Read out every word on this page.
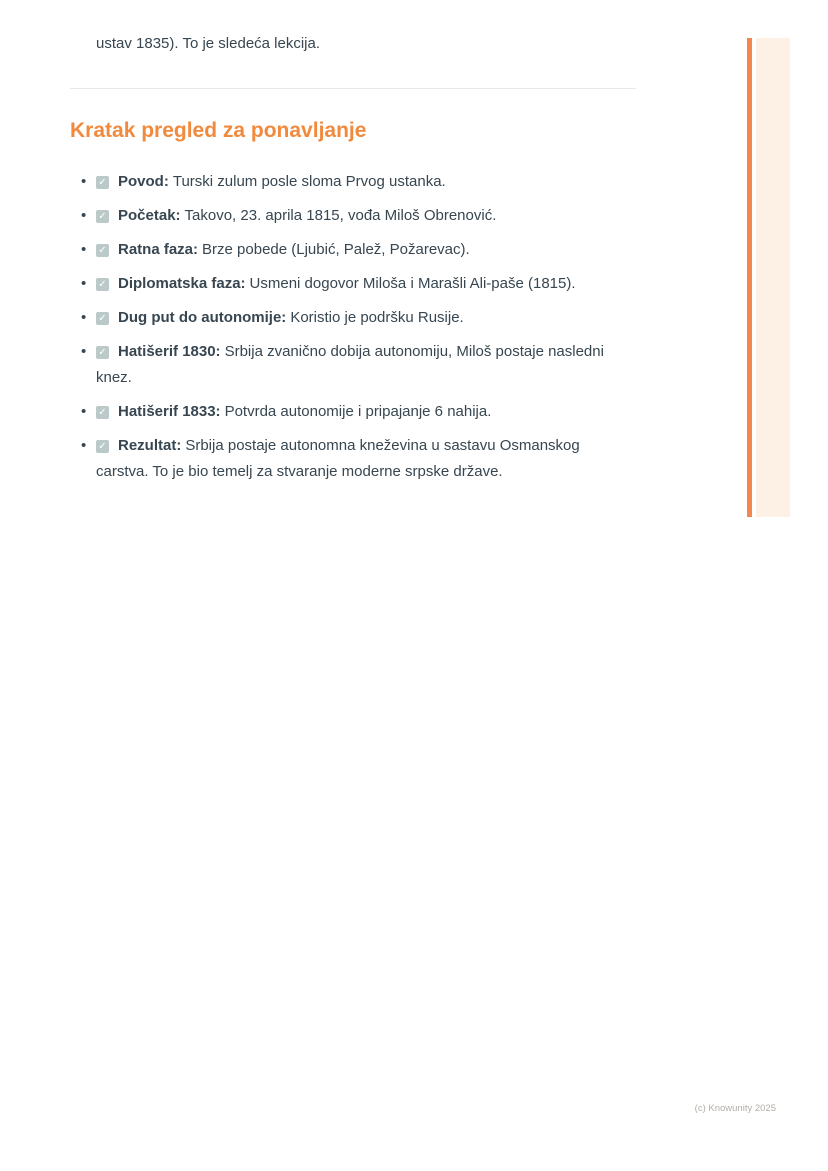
ustav 1835). To je sledeća lekcija.

Kratak pregled za ponavljanje
• ✓ Povod: Turski zulum posle sloma Prvog ustanka.
• ✓ Početak: Takovo, 23. aprila 1815, vođa Miloš Obrenović.
• ✓ Ratna faza: Brze pobede (Ljubić, Palež, Požarevac).
• ✓ Diplomatska faza: Usmeni dogovor Miloša i Marašli Ali-paše (1815).
• ✓ Dug put do autonomije: Koristio je podršku Rusije.
• ✓ Hatišerif 1830: Srbija zvanično dobija autonomiju, Miloš postaje nasledni knez.
• ✓ Hatišerif 1833: Potvrda autonomije i pripajanje 6 nahija.
• ✓ Rezultat: Srbija postaje autonomna kneževina u sastavu Osmanskog carstva. To je bio temelj za stvaranje moderne srpske države.
(c) Knowunity 2025
